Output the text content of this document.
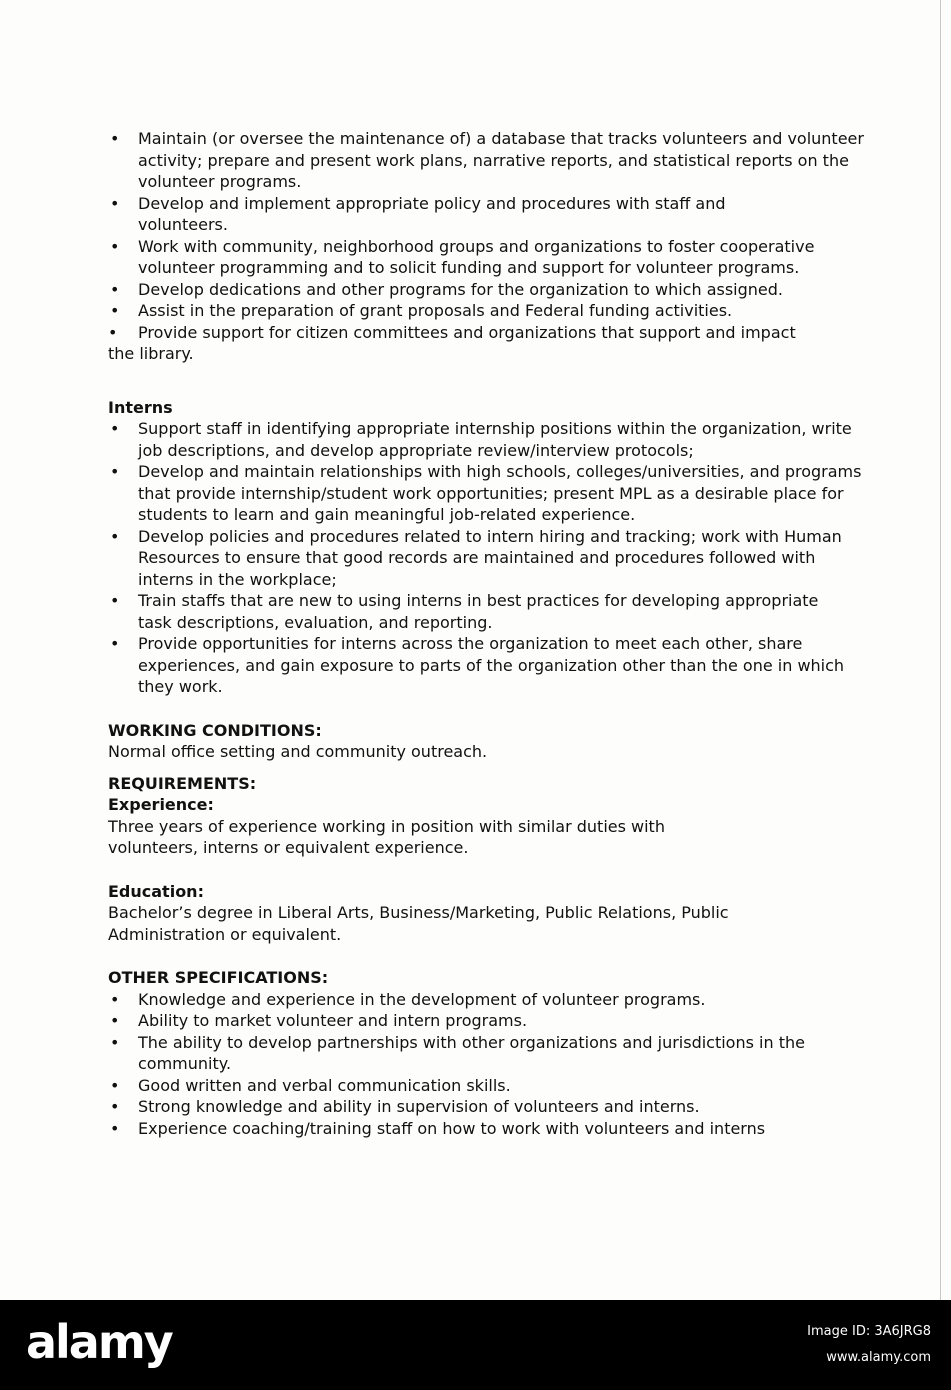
• Maintain (or oversee the maintenance of) a database that tracks volunteers and volunteer activity; prepare and present work plans, narrative reports, and statistical reports on the volunteer programs.
• Develop and implement appropriate policy and procedures with staff and volunteers.
• Work with community, neighborhood groups and organizations to foster cooperative volunteer programming and to solicit funding and support for volunteer programs.
• Develop dedications and other programs for the organization to which assigned.
• Assist in the preparation of grant proposals and Federal funding activities.
• Provide support for citizen committees and organizations that support and impact
the library.
Interns
• Support staff in identifying appropriate internship positions within the organization, write job descriptions, and develop appropriate review/interview protocols;
• Develop and maintain relationships with high schools, colleges/universities, and programs that provide internship/student work opportunities; present MPL as a desirable place for students to learn and gain meaningful job-related experience.
• Develop policies and procedures related to intern hiring and tracking; work with Human Resources to ensure that good records are maintained and procedures followed with interns in the workplace;
• Train staffs that are new to using interns in best practices for developing appropriate task descriptions, evaluation, and reporting.
• Provide opportunities for interns across the organization to meet each other, share experiences, and gain exposure to parts of the organization other than the one in which they work.
WORKING CONDITIONS:
Normal office setting and community outreach.
REQUIREMENTS:
Experience:
Three years of experience working in position with similar duties with volunteers, interns or equivalent experience.
Education:
Bachelor’s degree in Liberal Arts, Business/Marketing, Public Relations, Public Administration or equivalent.
OTHER SPECIFICATIONS:
• Knowledge and experience in the development of volunteer programs.
• Ability to market volunteer and intern programs.
• The ability to develop partnerships with other organizations and jurisdictions in the community.
• Good written and verbal communication skills.
• Strong knowledge and ability in supervision of volunteers and interns.
• Experience coaching/training staff on how to work with volunteers and interns
alamy	Image ID: 3A6JRG8
www.alamy.com
